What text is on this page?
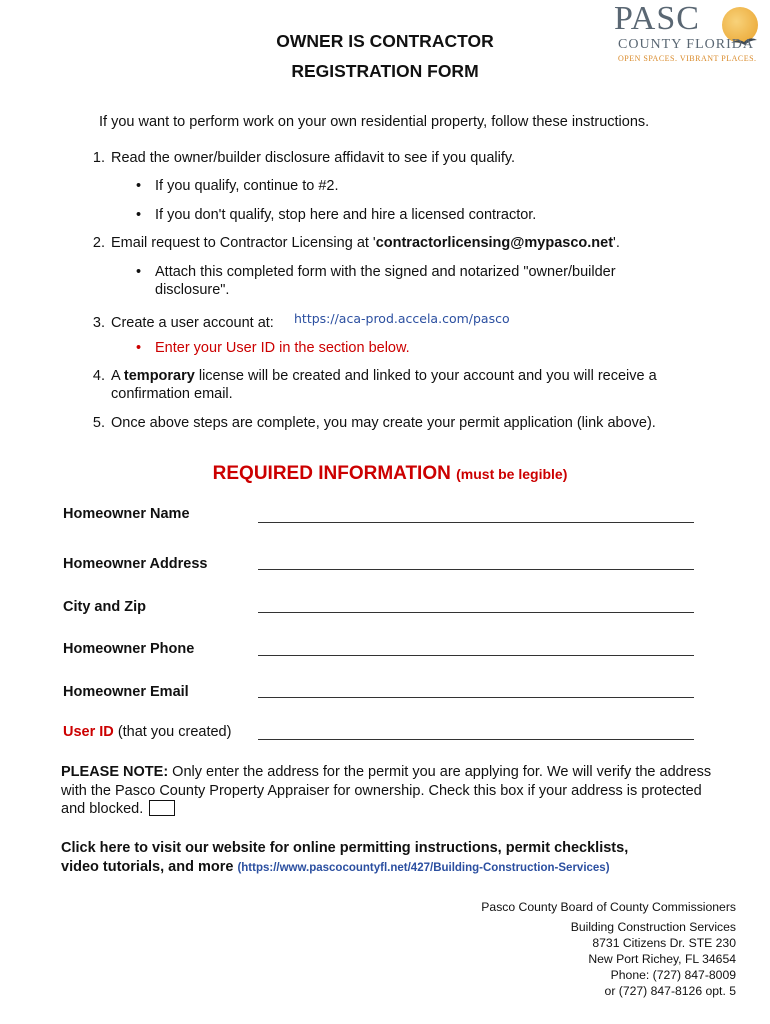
PASC
COUNTY FLORIDA
OPEN SPACES. VIBRANT PLACES.
OWNER IS CONTRACTOR
REGISTRATION FORM
If you want to perform work on your own residential property, follow these instructions.
1. Read the owner/builder disclosure affidavit to see if you qualify.
• If you qualify, continue to #2.
• If you don't qualify, stop here and hire a licensed contractor.
2. Email request to Contractor Licensing at 'contractorlicensing@mypasco.net'.
• Attach this completed form with the signed and notarized "owner/builder
disclosure".
3. Create a user account at: https://aca-prod.accela.com/pasco
• Enter your User ID in the section below.
4. A temporary license will be created and linked to your account and you will receive a
confirmation email.
5. Once above steps are complete, you may create your permit application (link above).
REQUIRED INFORMATION (must be legible)
Homeowner Name
Homeowner Address
City and Zip
Homeowner Phone
Homeowner Email
User ID (that you created)
PLEASE NOTE: Only enter the address for the permit you are applying for. We will verify the address
with the Pasco County Property Appraiser for ownership. Check this box if your address is protected
and blocked.
Click here to visit our website for online permitting instructions, permit checklists,
video tutorials, and more (https://www.pascocountyfl.net/427/Building-Construction-Services)
Pasco County Board of County Commissioners
Building Construction Services
8731 Citizens Dr. STE 230
New Port Richey, FL 34654
Phone: (727) 847-8009
or (727) 847-8126 opt. 5
